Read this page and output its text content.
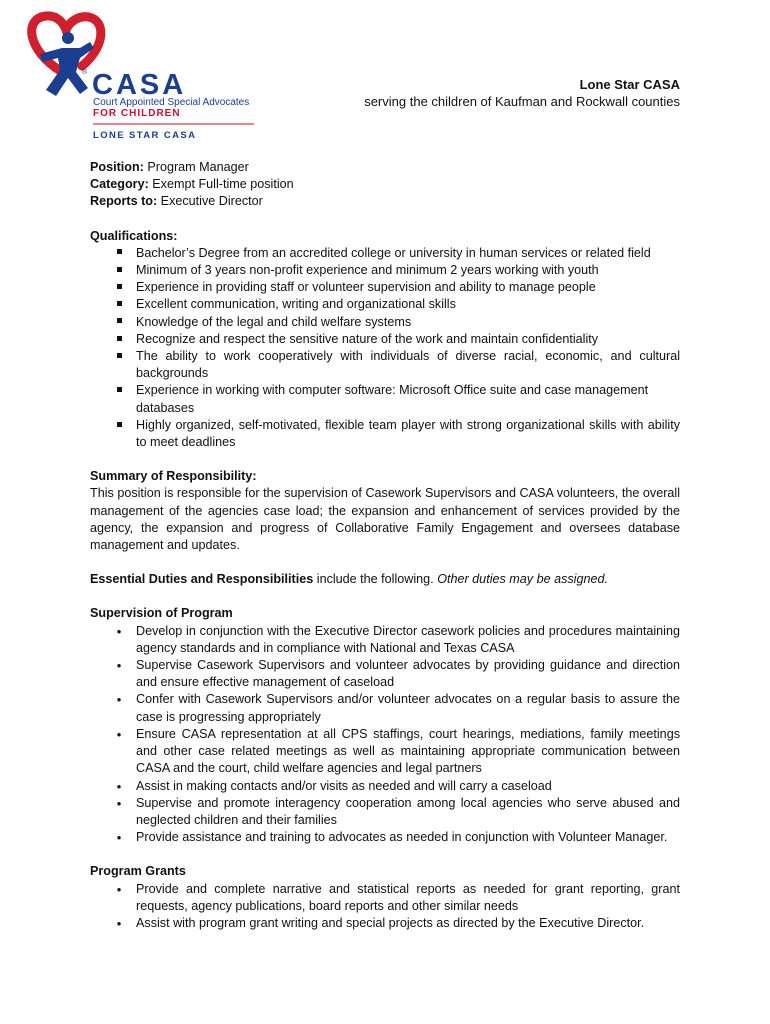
® CASA
Court Appointed Special Advocates
FOR CHILDREN
LONE STAR CASA
Lone Star CASA
serving the children of Kaufman and Rockwall counties

Position: Program Manager

Category: Exempt Full-time position

Reports to: Executive Director

Qualifications:

Bachelor’s Degree from an accredited college or university in human services or related field
Minimum of 3 years non-profit experience and minimum 2 years working with youth
Experience in providing staff or volunteer supervision and ability to manage people
Excellent communication, writing and organizational skills
Knowledge of the legal and child welfare systems
Recognize and respect the sensitive nature of the work and maintain confidentiality
The ability to work cooperatively with individuals of diverse racial, economic, and cultural backgrounds
Experience in working with computer software: Microsoft Office suite and case management databases
Highly organized, self-motivated, flexible team player with strong organizational skills with ability to meet deadlines

Summary of Responsibility:

This position is responsible for the supervision of Casework Supervisors and CASA volunteers, the overall management of the agencies case load; the expansion and enhancement of services provided by the agency, the expansion and progress of Collaborative Family Engagement and oversees database management and updates.

Essential Duties and Responsibilities include the following. Other duties may be assigned.

Supervision of Program

•
Develop in conjunction with the Executive Director casework policies and procedures maintaining agency standards and in compliance with National and Texas CASA
•
Supervise Casework Supervisors and volunteer advocates by providing guidance and direction and ensure effective management of caseload
•
Confer with Casework Supervisors and/or volunteer advocates on a regular basis to assure the case is progressing appropriately
•
Ensure CASA representation at all CPS staffings, court hearings, mediations, family meetings and other case related meetings as well as maintaining appropriate communication between CASA and the court, child welfare agencies and legal partners
•
Assist in making contacts and/or visits as needed and will carry a caseload
•
Supervise and promote interagency cooperation among local agencies who serve abused and neglected children and their families
•
Provide assistance and training to advocates as needed in conjunction with Volunteer Manager.

Program Grants

•
Provide and complete narrative and statistical reports as needed for grant reporting, grant requests, agency publications, board reports and other similar needs
•
Assist with program grant writing and special projects as directed by the Executive Director.
